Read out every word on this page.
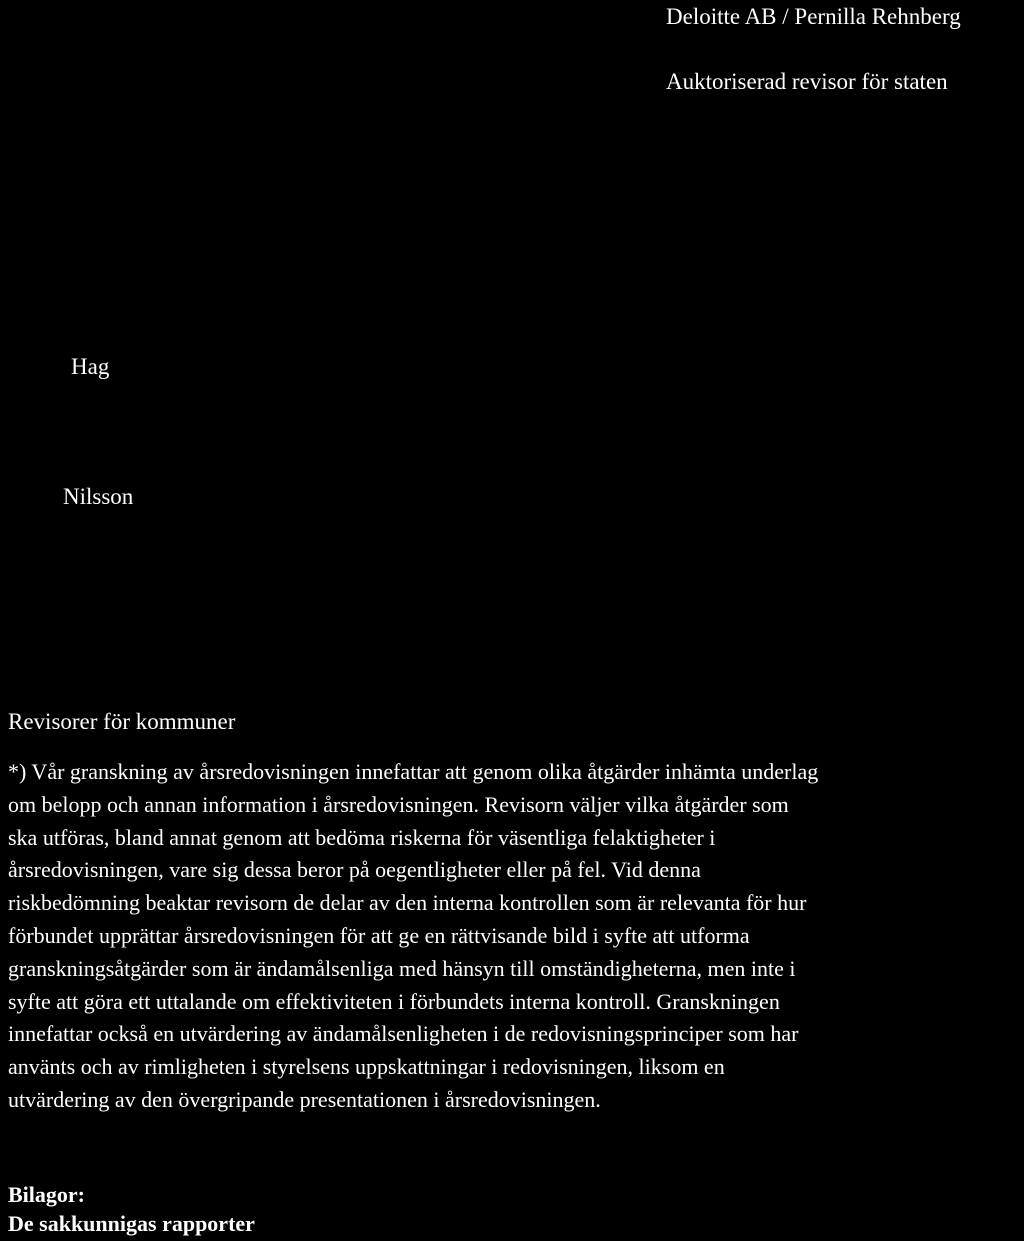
Deloitte AB / Pernilla Rehnberg
Auktoriserad revisor för staten
Hag
Nilsson
Revisorer för kommuner
*) Vår granskning av årsredovisningen innefattar att genom olika åtgärder inhämta underlag
om belopp och annan information i årsredovisningen. Revisorn väljer vilka åtgärder som
ska utföras, bland annat genom att bedöma riskerna för väsentliga felaktigheter i
årsredovisningen, vare sig dessa beror på oegentligheter eller på fel. Vid denna
riskbedömning beaktar revisorn de delar av den interna kontrollen som är relevanta för hur
förbundet upprättar årsredovisningen för att ge en rättvisande bild i syfte att utforma
granskningsåtgärder som är ändamålsenliga med hänsyn till omständigheterna, men inte i
syfte att göra ett uttalande om effektiviteten i förbundets interna kontroll. Granskningen
innefattar också en utvärdering av ändamålsenligheten i de redovisningsprinciper som har
använts och av rimligheten i styrelsens uppskattningar i redovisningen, liksom en
utvärdering av den övergripande presentationen i årsredovisningen.
Bilagor:
De sakkunnigas rapporter
